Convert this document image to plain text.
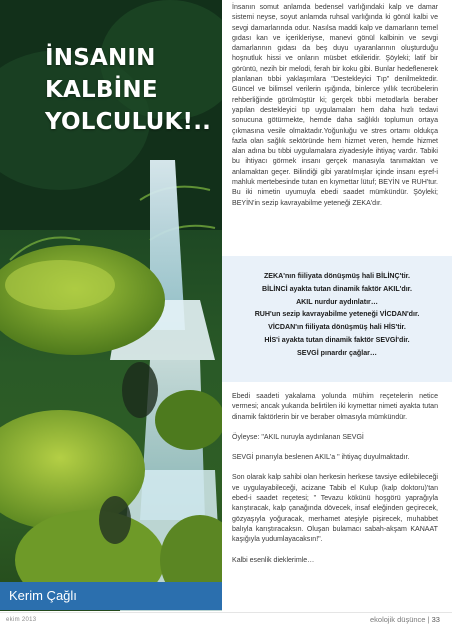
İNSANIN
KALBİNE
YOLCULUK!..
Kerim Çağlı

İnsanın somut anlamda bedensel varlığındaki kalp ve damar sistemi neyse, soyut anlamda ruhsal varlığında ki gönül kalbi ve sevgi damarlarında odur. Nasılsa maddi kalp ve damarların temel gıdası kan ve içerikleriyse, manevi gönül kalbinin ve sevgi damarlarının gıdası da beş duyu uyaranlarının oluşturduğu hoşnutluk hissi ve onların müsbet etkileridir. Şöyleki; latif bir görüntü, nezih bir melodi, ferah bir koku gibi. Bunlar hedeflenerek planlanan tıbbi yaklaşımlara "Destekleyici Tıp" denilmektedir. Güncel ve bilimsel verilerin ışığında, binlerce yıllık tecrübelerin rehberliğinde görülmüştür ki; gerçek tıbbi metodlarla beraber yapılan destekleyici tıp uygulamaları hem daha hızlı tedavi sonucuna götürmekte, hemde daha sağlıklı toplumun ortaya çıkmasına vesile olmaktadır.Yoğunluğu ve stres ortamı oldukça fazla olan sağlık sektöründe hem hizmet veren, hemde hizmet alan adına bu tıbbi uygulamalara ziyadesiyle ihtiyaç vardır. Tabiki bu ihtiyacı görmek insanı gerçek manasıyla tanımaktan ve anlamaktan geçer. Bilindiği gibi yaratılmışlar içinde insanı eşref-i mahluk mertebesinde tutan en kıymettar lütuf; BEYİN ve RUH'tur. Bu iki nimetin uyumuyla ebedi saadet mümkündür. Şöyleki; BEYİN'in sezip kavrayabilme yeteneği ZEKA'dır.

ZEKA'nın fiiliyata dönüşmüş hali BİLİNÇ'tir.
BİLİNCİ ayakta tutan dinamik faktör AKIL'dır.
AKIL nurdur aydınlatır…
RUH'un sezip kavrayabilme yeteneği VİCDAN'dır.
VİCDAN'ın fiiliyata dönüşmüş hali HİS'tir.
HİS'i ayakta tutan dinamik faktör SEVGİ'dir.
SEVGİ pınardır çağlar…

Ebedi saadeti yakalama yolunda mühim reçetelerin netice vermesi; ancak yukarıda belirtilen iki kıymettar nimeti ayakta tutan dinamik faktörlerin bir ve beraber olmasıyla mümkündür.

Öyleyse: "AKIL nuruyla aydınlanan SEVGİ

SEVGİ pınarıyla beslenen AKIL'a " ihtiyaç duyulmaktadır.

Son olarak kalp sahibi olan herkesin herkese tavsiye edilebileceği ve uygulayabileceği, acizane Tabib el Kulup (kalp doktoru)'tan ebed-i saadet reçetesi; " Tevazu kökünü hoşgörü yaprağıyla karıştıracak, kalp çanağında dövecek, insaf eleğinden geçirecek, gözyaşıyla yoğuracak, merhamet ateşiyle pişirecek, muhabbet balıyla karıştıracaksın. Oluşan bulamacı sabah-akşam KANAAT kaşığıyla yudumlayacaksın!".

Kalbi esenlik dieklerimle…

ekim 2013	ekolojik düşünce | 33
